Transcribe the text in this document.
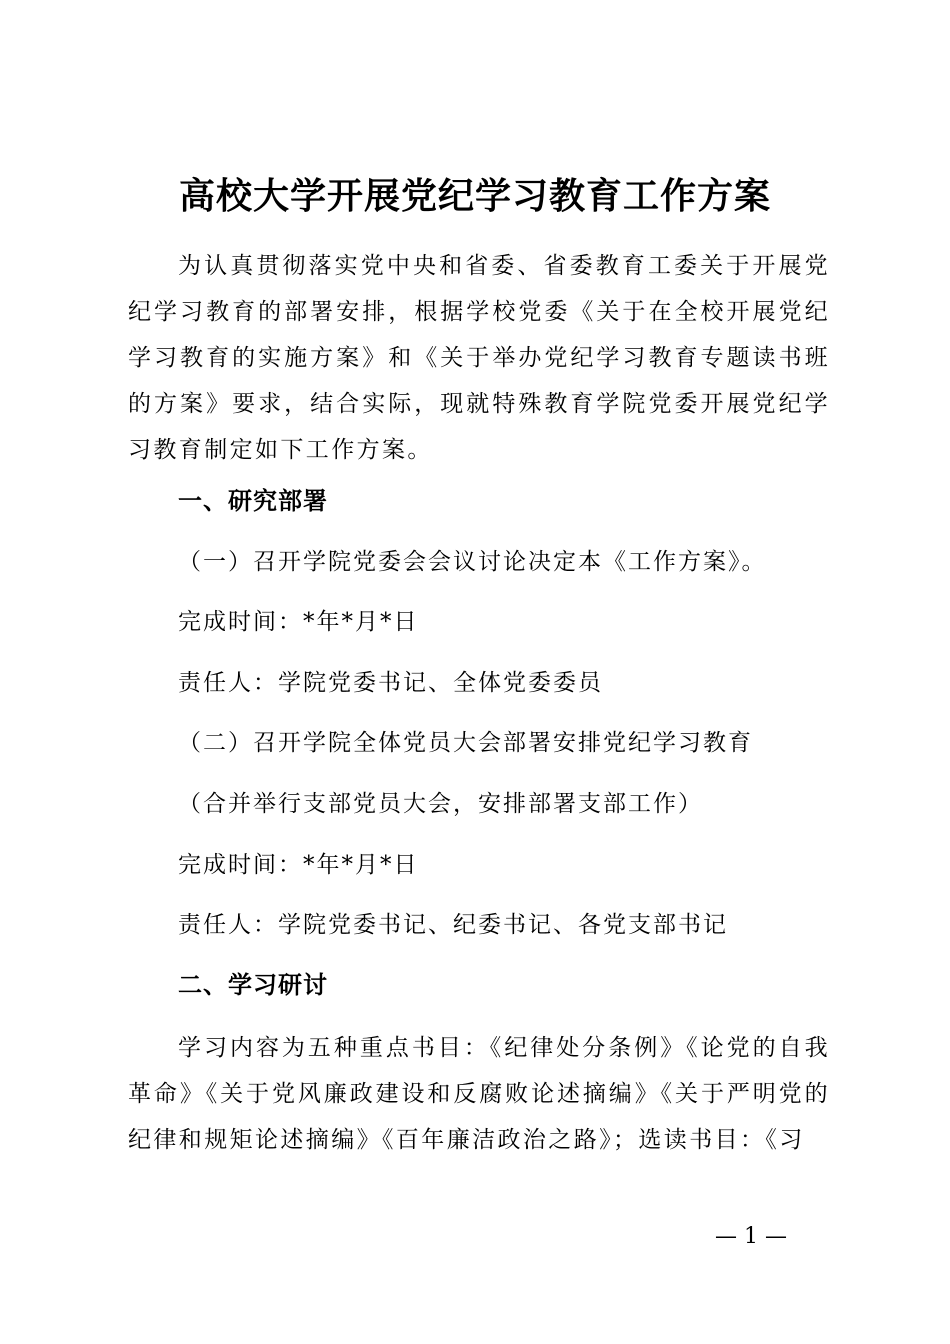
高校大学开展党纪学习教育工作方案
为认真贯彻落实党中央和省委、省委教育工委关于开展党纪学习教育的部署安排，根据学校党委《关于在全校开展党纪学习教育的实施方案》和《关于举办党纪学习教育专题读书班的方案》要求，结合实际，现就特殊教育学院党委开展党纪学习教育制定如下工作方案。
一、研究部署
（一）召开学院党委会会议讨论决定本《工作方案》。
完成时间：*年*月*日
责任人：学院党委书记、全体党委委员
（二）召开学院全体党员大会部署安排党纪学习教育
（合并举行支部党员大会，安排部署支部工作）
完成时间：*年*月*日
责任人：学院党委书记、纪委书记、各党支部书记
二、学习研讨
学习内容为五种重点书目：《纪律处分条例》《论党的自我革命》《关于党风廉政建设和反腐败论述摘编》《关于严明党的纪律和规矩论述摘编》《百年廉洁政治之路》；选读书目：《习
— 1 —
